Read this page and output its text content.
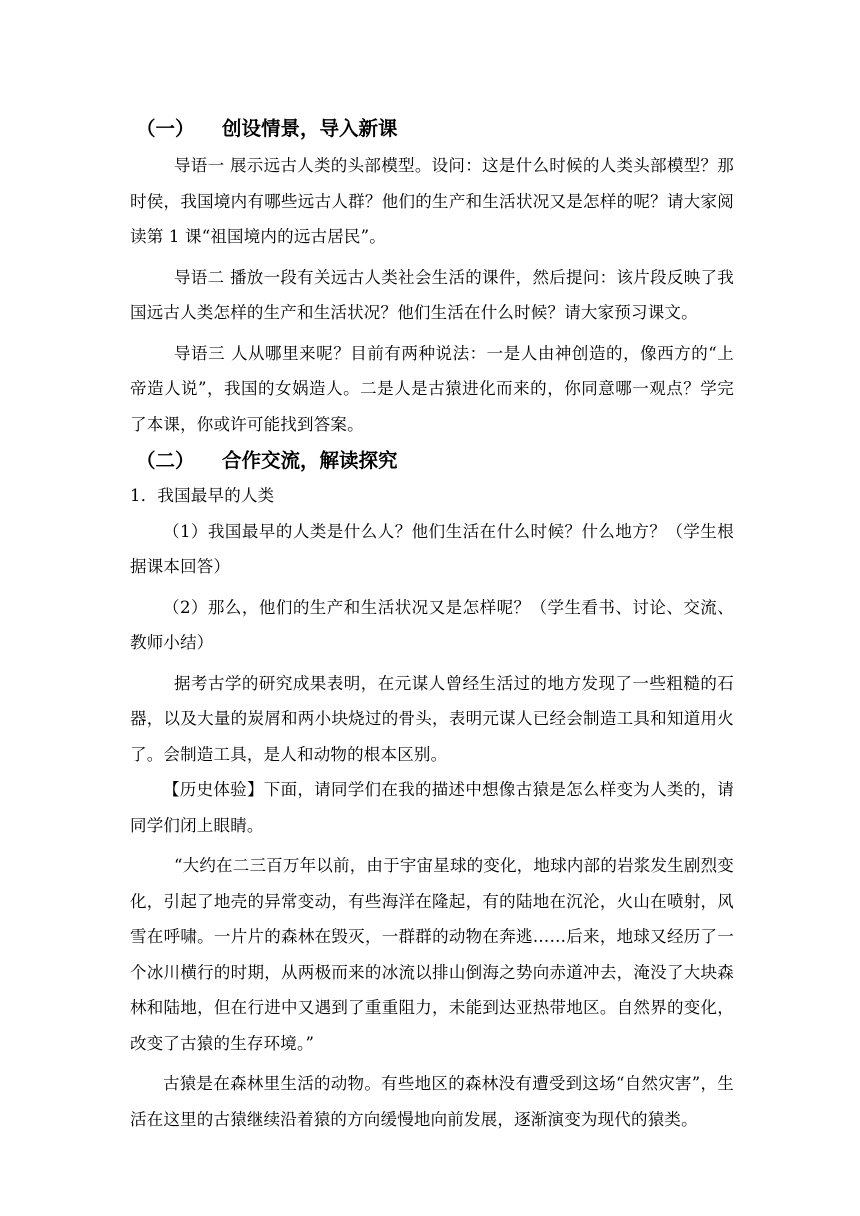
（一） 创设情景，导入新课

导语一 展示远古人类的头部模型。设问：这是什么时候的人类头部模型？那时侯，我国境内有哪些远古人群？他们的生产和生活状况又是怎样的呢？请大家阅读第 1 课“祖国境内的远古居民”。

导语二 播放一段有关远古人类社会生活的课件，然后提问：该片段反映了我国远古人类怎样的生产和生活状况？他们生活在什么时候？请大家预习课文。

导语三 人从哪里来呢？目前有两种说法：一是人由神创造的，像西方的“上帝造人说”，我国的女娲造人。二是人是古猿进化而来的，你同意哪一观点？学完了本课，你或许可能找到答案。

（二） 合作交流，解读探究

1．我国最早的人类

（1）我国最早的人类是什么人？他们生活在什么时候？什么地方？（学生根据课本回答）

（2）那么，他们的生产和生活状况又是怎样呢？（学生看书、讨论、交流、教师小结）

据考古学的研究成果表明，在元谋人曾经生活过的地方发现了一些粗糙的石器，以及大量的炭屑和两小块烧过的骨头，表明元谋人已经会制造工具和知道用火了。会制造工具，是人和动物的根本区别。

【历史体验】下面，请同学们在我的描述中想像古猿是怎么样变为人类的，请同学们闭上眼睛。

“大约在二三百万年以前，由于宇宙星球的变化，地球内部的岩浆发生剧烈变化，引起了地壳的异常变动，有些海洋在隆起，有的陆地在沉沦，火山在喷射，风雪在呼啸。一片片的森林在毁灭，一群群的动物在奔逃……后来，地球又经历了一个冰川横行的时期，从两极而来的冰流以排山倒海之势向赤道冲去，淹没了大块森林和陆地，但在行进中又遇到了重重阻力，未能到达亚热带地区。自然界的变化，改变了古猿的生存环境。”

古猿是在森林里生活的动物。有些地区的森林没有遭受到这场“自然灾害”，生活在这里的古猿继续沿着猿的方向缓慢地向前发展，逐渐演变为现代的猿类。
